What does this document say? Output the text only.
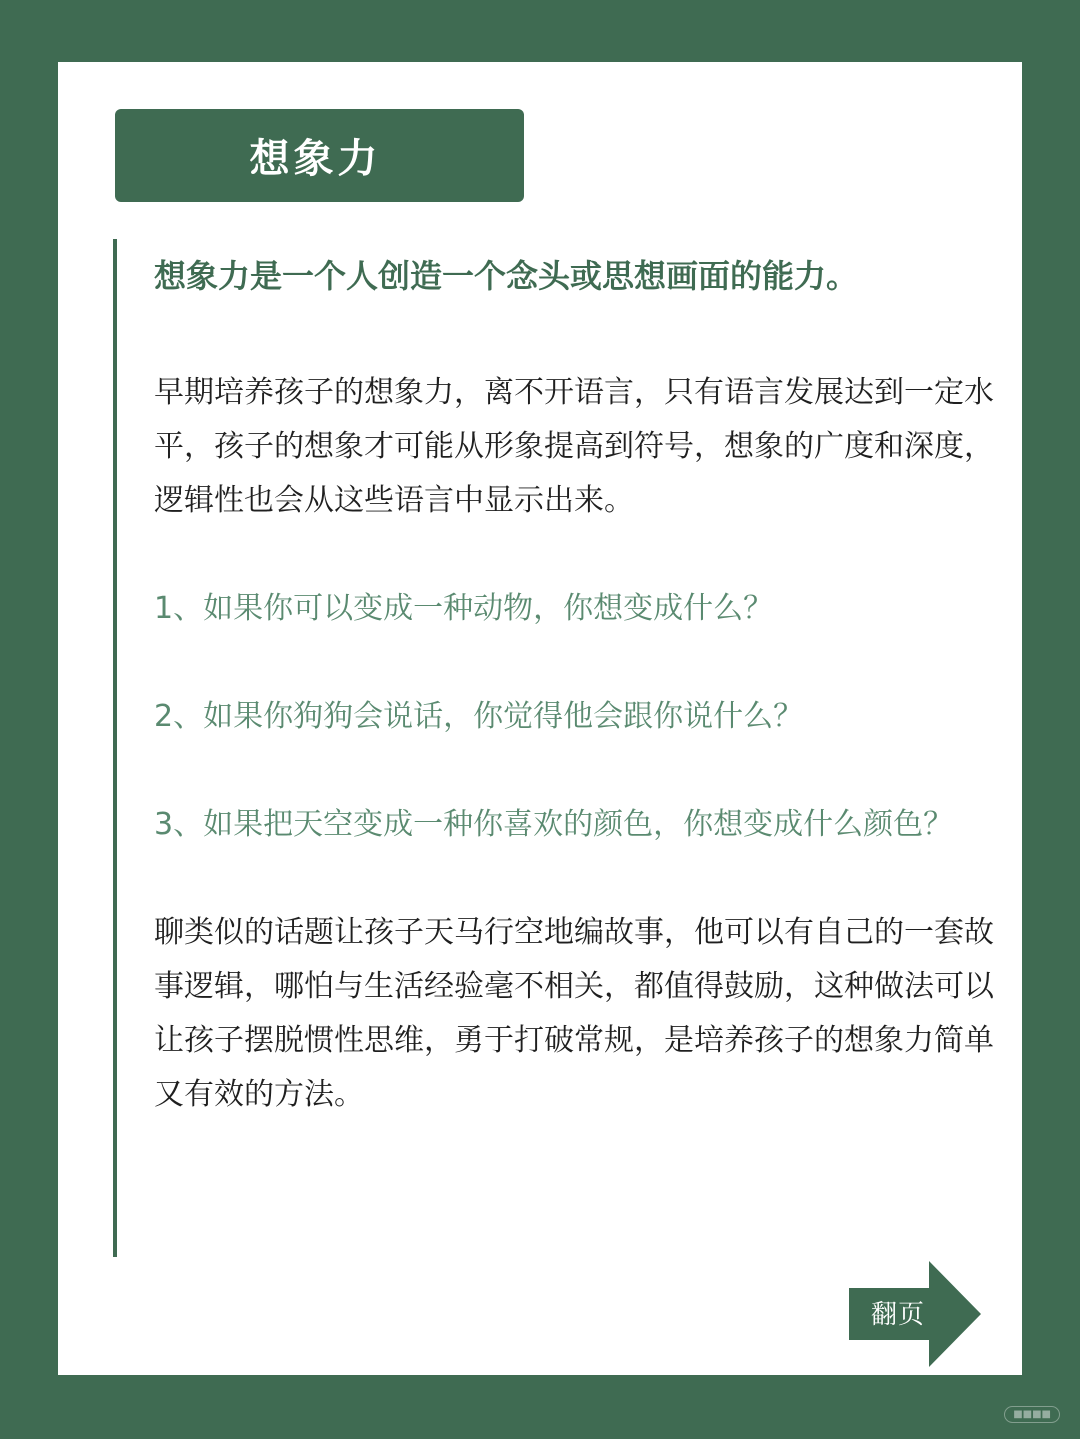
想象力

想象力是一个人创造一个念头或思想画面的能力。

早期培养孩子的想象力，离不开语言，只有语言发展达到一定水平，孩子的想象才可能从形象提高到符号，想象的广度和深度，逻辑性也会从这些语言中显示出来。

1、如果你可以变成一种动物，你想变成什么？

2、如果你狗狗会说话，你觉得他会跟你说什么？

3、如果把天空变成一种你喜欢的颜色，你想变成什么颜色？

聊类似的话题让孩子天马行空地编故事，他可以有自己的一套故事逻辑，哪怕与生活经验毫不相关，都值得鼓励，这种做法可以让孩子摆脱惯性思维，勇于打破常规，是培养孩子的想象力简单又有效的方法。

翻页
■■■■
